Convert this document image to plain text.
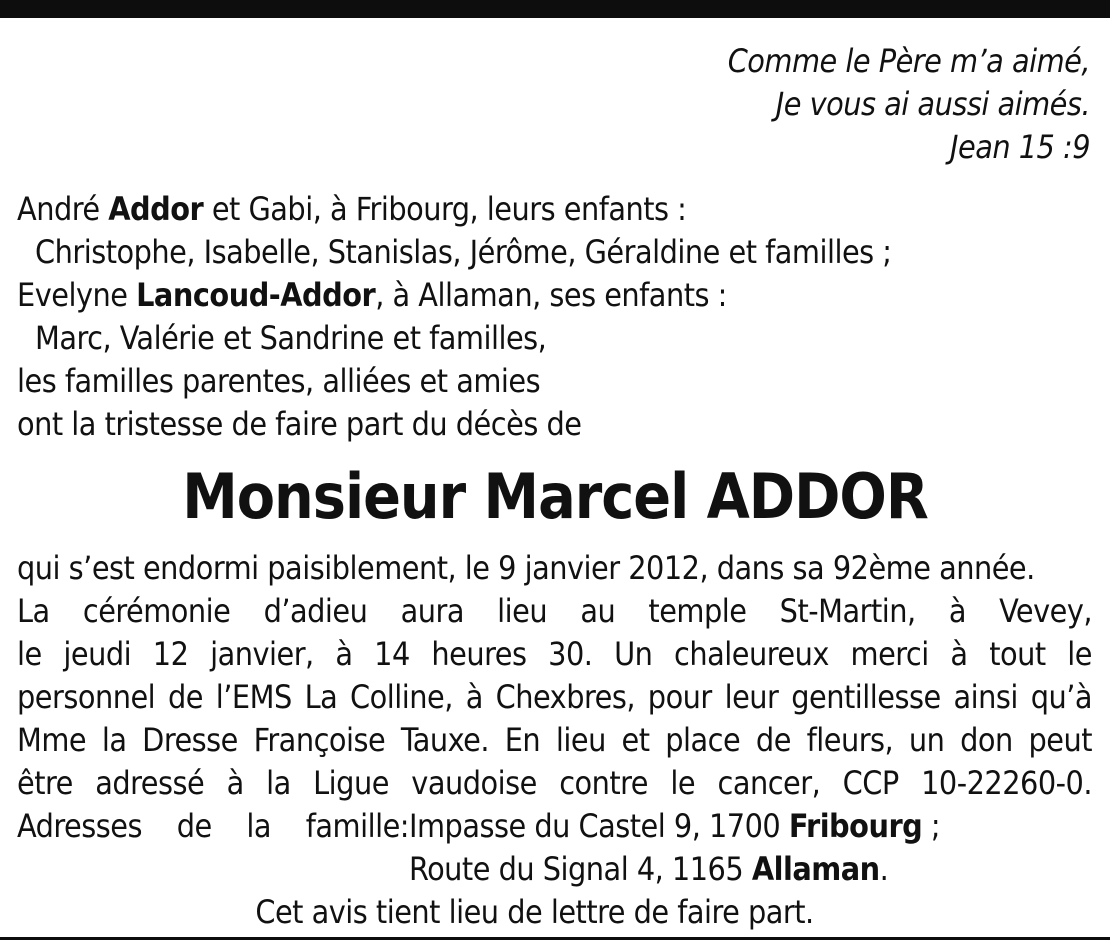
Comme le Père m’a aimé,
Je vous ai aussi aimés.
Jean 15 :9
André Addor et Gabi, à Fribourg, leurs enfants :
Christophe, Isabelle, Stanislas, Jérôme, Géraldine et familles ;
Evelyne Lancoud-Addor, à Allaman, ses enfants :
Marc, Valérie et Sandrine et familles,
les familles parentes, alliées et amies
ont la tristesse de faire part du décès de
Monsieur Marcel ADDOR
qui s’est endormi paisiblement, le 9 janvier 2012, dans sa 92ème année.
La cérémonie d’adieu aura lieu au temple St-Martin, à Vevey,
le jeudi 12 janvier, à 14 heures 30. Un chaleureux merci à tout le
personnel de l’EMS La Colline, à Chexbres, pour leur gentillesse ainsi qu’à
Mme la Dresse Françoise Tauxe. En lieu et place de fleurs, un don peut
être adressé à la Ligue vaudoise contre le cancer, CCP 10-22260-0.
Adresses de la famille: Impasse du Castel 9, 1700 Fribourg ;
Route du Signal 4, 1165 Allaman.
Cet avis tient lieu de lettre de faire part.
